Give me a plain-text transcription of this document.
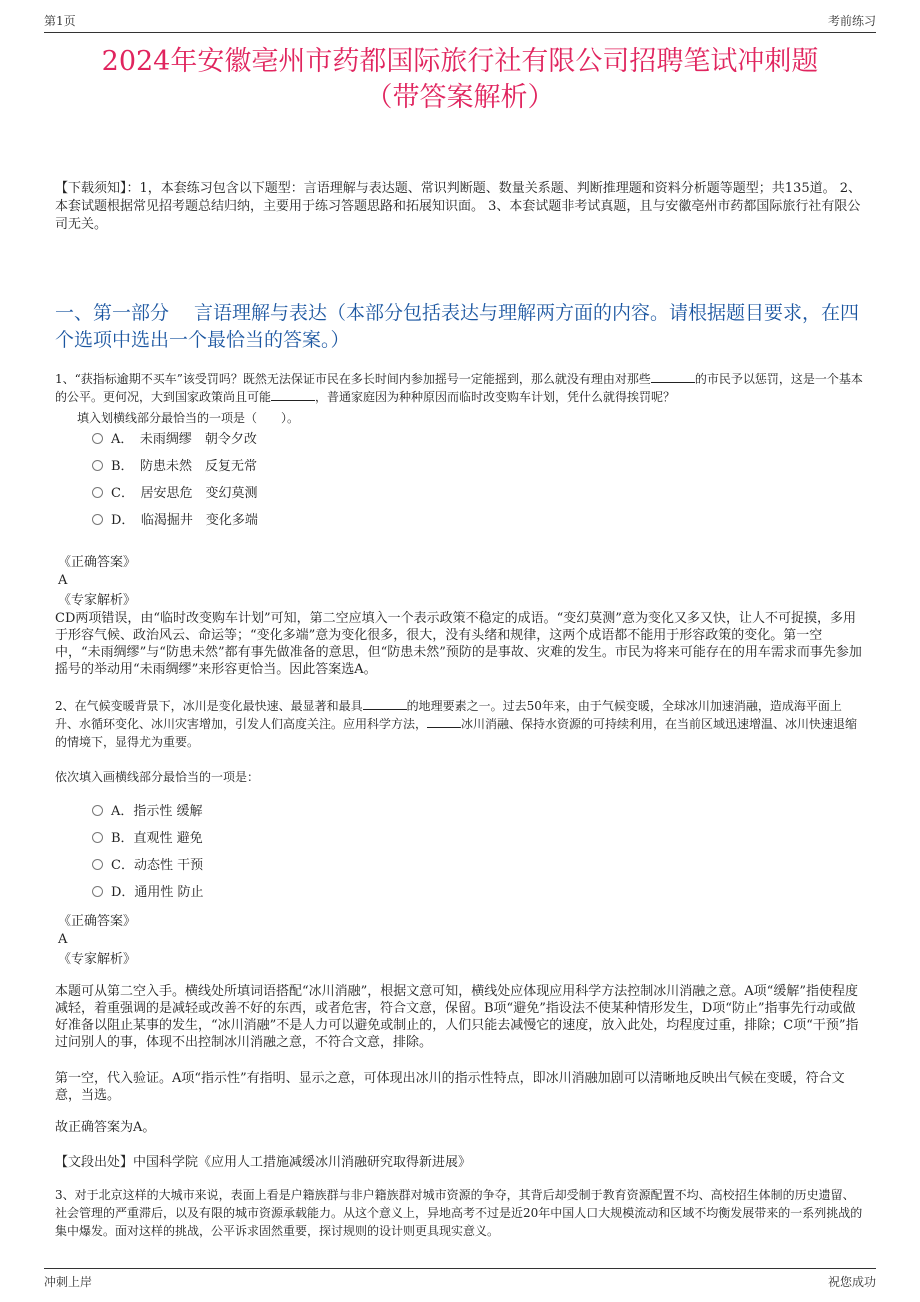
第1页	考前练习
2024年安徽亳州市药都国际旅行社有限公司招聘笔试冲刺题
（带答案解析）
【下载须知】：1，本套练习包含以下题型：言语理解与表达题、常识判断题、数量关系题、判断推理题和资料分析题等题型；共135道。 2、本套试题根据常见招考题总结归纳，主要用于练习答题思路和拓展知识面。 3、本套试题非考试真题，且与安徽亳州市药都国际旅行社有限公司无关。
一、第一部分　 言语理解与表达（本部分包括表达与理解两方面的内容。请根据题目要求，在四个选项中选出一个最恰当的答案。）
1、“获指标逾期不买车”该受罚吗？既然无法保证市民在多长时间内参加摇号一定能摇到，那么就没有理由对那些	的市民予以惩罚，这是一个基本的公平。更何况，大到国家政策尚且可能	，普通家庭因为种种原因而临时改变购车计划，凭什么就得挨罚呢？
填入划横线部分最恰当的一项是（　　）。
A．　未雨绸缪　朝令夕改
B．　防患未然　反复无常
C．　居安思危　变幻莫测
D．　临渴掘井　变化多端
《正确答案》
A
《专家解析》
CD两项错误，由“临时改变购车计划”可知，第二空应填入一个表示政策不稳定的成语。“变幻莫测”意为变化又多又快，让人不可捉摸，多用于形容气候、政治风云、命运等；“变化多端”意为变化很多，很大，没有头绪和规律，这两个成语都不能用于形容政策的变化。第一空中，“未雨绸缪”与“防患未然”都有事先做准备的意思，但“防患未然”预防的是事故、灾难的发生。市民为将来可能存在的用车需求而事先参加摇号的举动用“未雨绸缪”来形容更恰当。因此答案选A。
2、在气候变暖背景下，冰川是变化最快速、最显著和最具	的地理要素之一。过去50年来，由于气候变暖，全球冰川加速消融，造成海平面上升、水循环变化、冰川灾害增加，引发人们高度关注。应用科学方法，	冰川消融、保持水资源的可持续利用，在当前区域迅速增温、冰川快速退缩的情境下，显得尤为重要。
依次填入画横线部分最恰当的一项是：
A．指示性 缓解
B．直观性 避免
C．动态性 干预
D．通用性 防止
《正确答案》
A
《专家解析》
本题可从第二空入手。横线处所填词语搭配“冰川消融”，根据文意可知，横线处应体现应用科学方法控制冰川消融之意。A项“缓解”指使程度减轻，着重强调的是减轻或改善不好的东西，或者危害，符合文意，保留。B项“避免”指设法不使某种情形发生，D项“防止”指事先行动或做好准备以阻止某事的发生，“冰川消融”不是人力可以避免或制止的，人们只能去减慢它的速度，放入此处，均程度过重，排除；C项“干预”指过问别人的事，体现不出控制冰川消融之意，不符合文意，排除。
第一空，代入验证。A项“指示性”有指明、显示之意，可体现出冰川的指示性特点，即冰川消融加剧可以清晰地反映出气候在变暖，符合文意，当选。
故正确答案为A。
【文段出处】中国科学院《应用人工措施减缓冰川消融研究取得新进展》
3、对于北京这样的大城市来说，表面上看是户籍族群与非户籍族群对城市资源的争夺，其背后却受制于教育资源配置不均、高校招生体制的历史遗留、社会管理的严重滞后，以及有限的城市资源承载能力。从这个意义上，异地高考不过是近20年中国人口大规模流动和区域不均衡发展带来的一系列挑战的集中爆发。面对这样的挑战，公平诉求固然重要，探讨规则的设计则更具现实意义。
冲刺上岸	祝您成功
